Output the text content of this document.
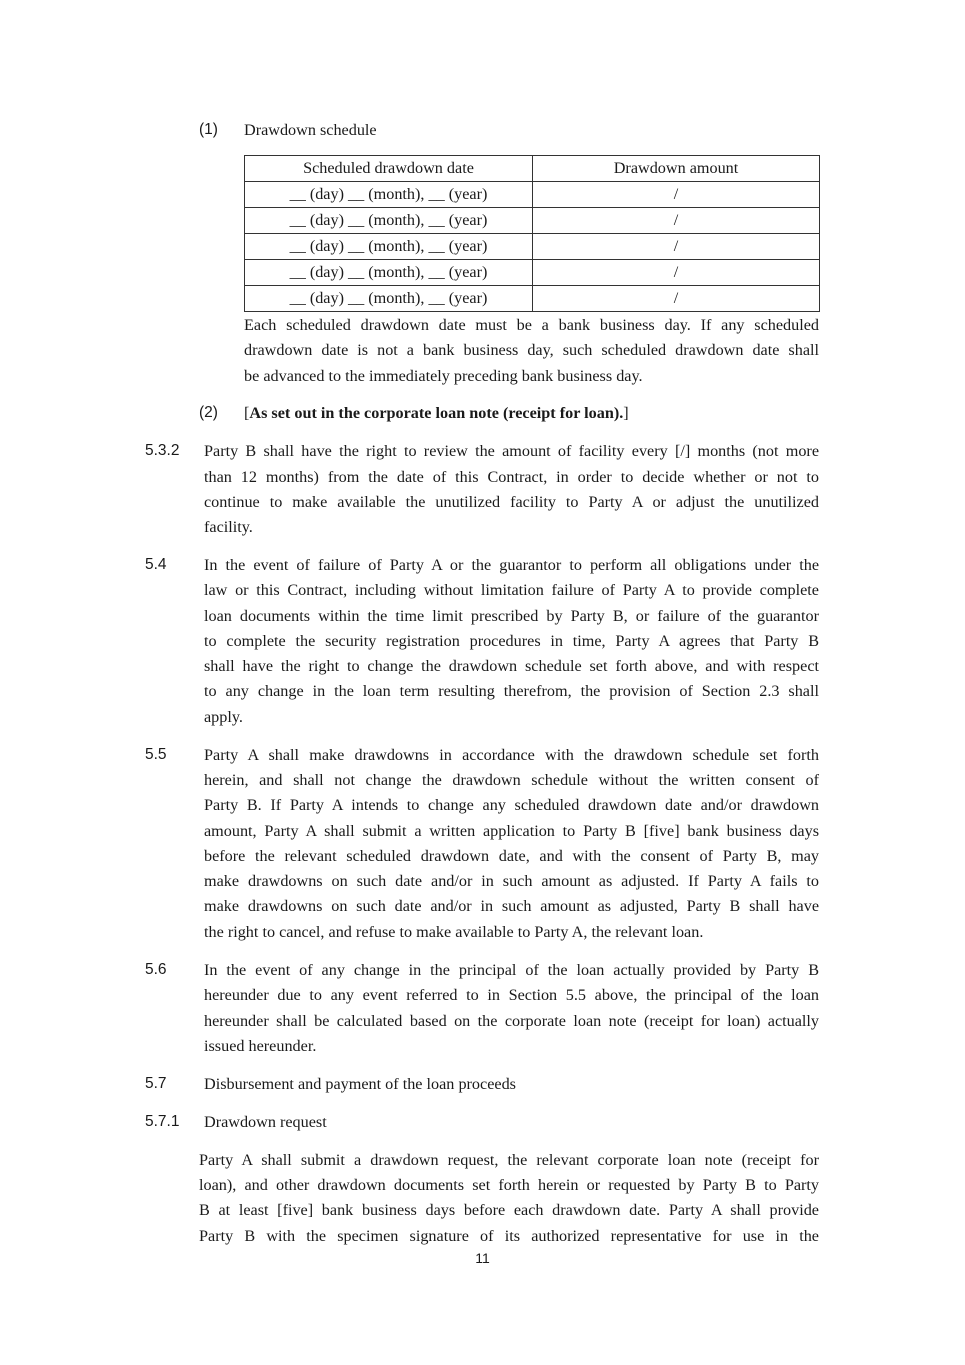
(1) Drawdown schedule
Scheduled drawdown date	Drawdown amount
__ (day) __ (month), __ (year)	/
__ (day) __ (month), __ (year)	/
__ (day) __ (month), __ (year)	/
__ (day) __ (month), __ (year)	/
__ (day) __ (month), __ (year)	/
Each scheduled drawdown date must be a bank business day. If any scheduled
drawdown date is not a bank business day, such scheduled drawdown date shall
be advanced to the immediately preceding bank business day.
(2) [As set out in the corporate loan note (receipt for loan).]
5.3.2 Party B shall have the right to review the amount of facility every [/] months (not more
than 12 months) from the date of this Contract, in order to decide whether or not to
continue to make available the unutilized facility to Party A or adjust the unutilized
facility.
5.4 In the event of failure of Party A or the guarantor to perform all obligations under the
law or this Contract, including without limitation failure of Party A to provide complete
loan documents within the time limit prescribed by Party B, or failure of the guarantor
to complete the security registration procedures in time, Party A agrees that Party B
shall have the right to change the drawdown schedule set forth above, and with respect
to any change in the loan term resulting therefrom, the provision of Section 2.3 shall
apply.
5.5 Party A shall make drawdowns in accordance with the drawdown schedule set forth
herein, and shall not change the drawdown schedule without the written consent of
Party B. If Party A intends to change any scheduled drawdown date and/or drawdown
amount, Party A shall submit a written application to Party B [five] bank business days
before the relevant scheduled drawdown date, and with the consent of Party B, may
make drawdowns on such date and/or in such amount as adjusted. If Party A fails to
make drawdowns on such date and/or in such amount as adjusted, Party B shall have
the right to cancel, and refuse to make available to Party A, the relevant loan.
5.6 In the event of any change in the principal of the loan actually provided by Party B
hereunder due to any event referred to in Section 5.5 above, the principal of the loan
hereunder shall be calculated based on the corporate loan note (receipt for loan) actually
issued hereunder.
5.7 Disbursement and payment of the loan proceeds
5.7.1 Drawdown request
Party A shall submit a drawdown request, the relevant corporate loan note (receipt for
loan), and other drawdown documents set forth herein or requested by Party B to Party
B at least [five] bank business days before each drawdown date. Party A shall provide
Party B with the specimen signature of its authorized representative for use in the
11
